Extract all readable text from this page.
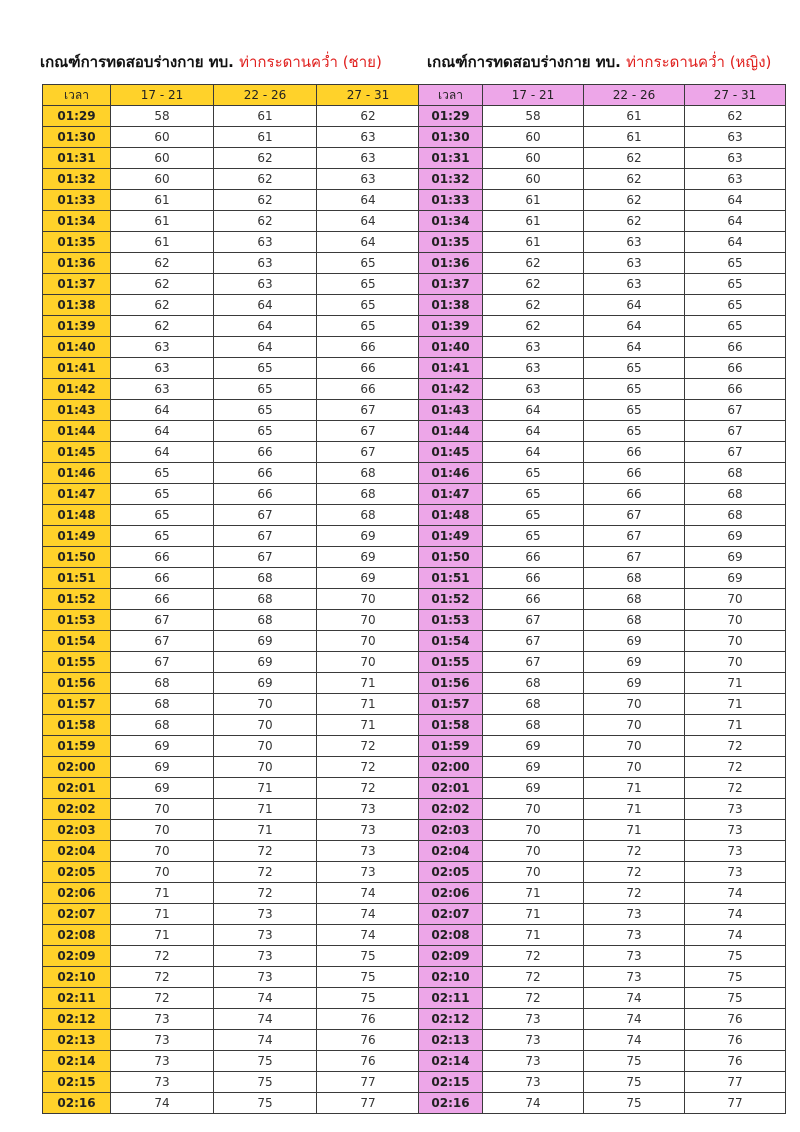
เกณฑ์การทดสอบร่างกาย ทบ. ท่ากระดานคว่ำ (ชาย)	เกณฑ์การทดสอบร่างกาย ทบ. ท่ากระดานคว่ำ (หญิง)
เวลา	17 - 21	22 - 26	27 - 31
01:29	58	61	62
01:30	60	61	63
01:31	60	62	63
01:32	60	62	63
01:33	61	62	64
01:34	61	62	64
01:35	61	63	64
01:36	62	63	65
01:37	62	63	65
01:38	62	64	65
01:39	62	64	65
01:40	63	64	66
01:41	63	65	66
01:42	63	65	66
01:43	64	65	67
01:44	64	65	67
01:45	64	66	67
01:46	65	66	68
01:47	65	66	68
01:48	65	67	68
01:49	65	67	69
01:50	66	67	69
01:51	66	68	69
01:52	66	68	70
01:53	67	68	70
01:54	67	69	70
01:55	67	69	70
01:56	68	69	71
01:57	68	70	71
01:58	68	70	71
01:59	69	70	72
02:00	69	70	72
02:01	69	71	72
02:02	70	71	73
02:03	70	71	73
02:04	70	72	73
02:05	70	72	73
02:06	71	72	74
02:07	71	73	74
02:08	71	73	74
02:09	72	73	75
02:10	72	73	75
02:11	72	74	75
02:12	73	74	76
02:13	73	74	76
02:14	73	75	76
02:15	73	75	77
02:16	74	75	77
เวลา	17 - 21	22 - 26	27 - 31
01:29	58	61	62
01:30	60	61	63
01:31	60	62	63
01:32	60	62	63
01:33	61	62	64
01:34	61	62	64
01:35	61	63	64
01:36	62	63	65
01:37	62	63	65
01:38	62	64	65
01:39	62	64	65
01:40	63	64	66
01:41	63	65	66
01:42	63	65	66
01:43	64	65	67
01:44	64	65	67
01:45	64	66	67
01:46	65	66	68
01:47	65	66	68
01:48	65	67	68
01:49	65	67	69
01:50	66	67	69
01:51	66	68	69
01:52	66	68	70
01:53	67	68	70
01:54	67	69	70
01:55	67	69	70
01:56	68	69	71
01:57	68	70	71
01:58	68	70	71
01:59	69	70	72
02:00	69	70	72
02:01	69	71	72
02:02	70	71	73
02:03	70	71	73
02:04	70	72	73
02:05	70	72	73
02:06	71	72	74
02:07	71	73	74
02:08	71	73	74
02:09	72	73	75
02:10	72	73	75
02:11	72	74	75
02:12	73	74	76
02:13	73	74	76
02:14	73	75	76
02:15	73	75	77
02:16	74	75	77
